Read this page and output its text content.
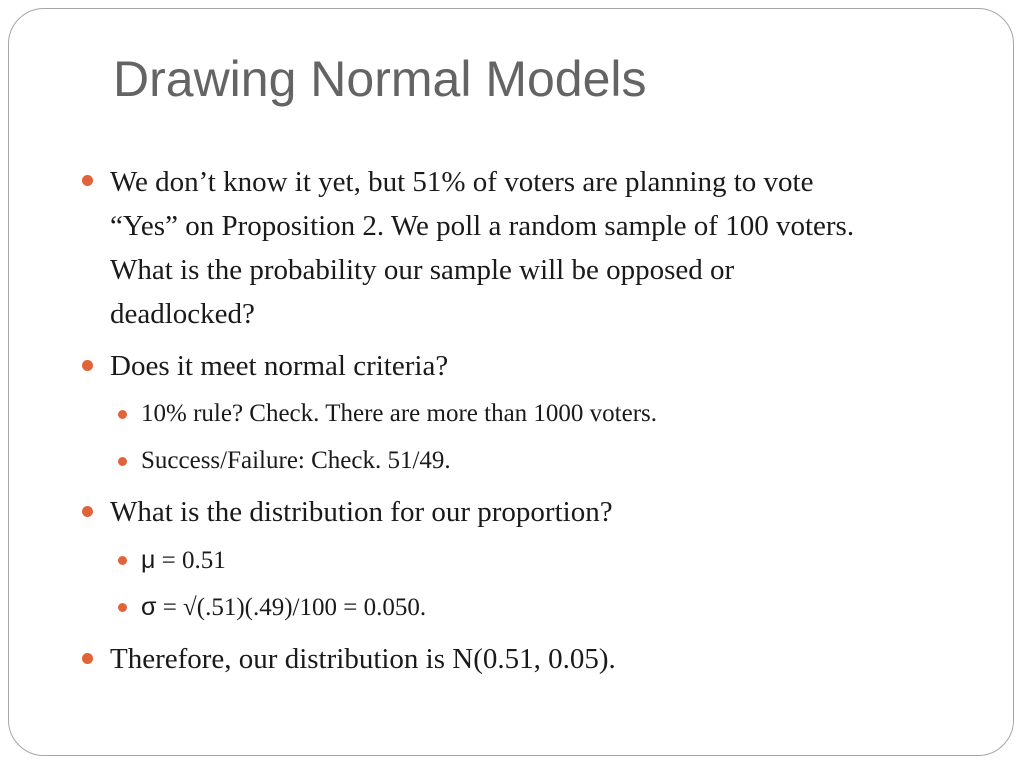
Drawing Normal Models
We don’t know it yet, but 51% of voters are planning to vote
“Yes” on Proposition 2. We poll a random sample of 100 voters.
What is the probability our sample will be opposed or
deadlocked?
Does it meet normal criteria?
10% rule? Check. There are more than 1000 voters.
Success/Failure: Check. 51/49.
What is the distribution for our proportion?
μ = 0.51
σ = √(.51)(.49)/100 = 0.050.
Therefore, our distribution is N(0.51, 0.05).
